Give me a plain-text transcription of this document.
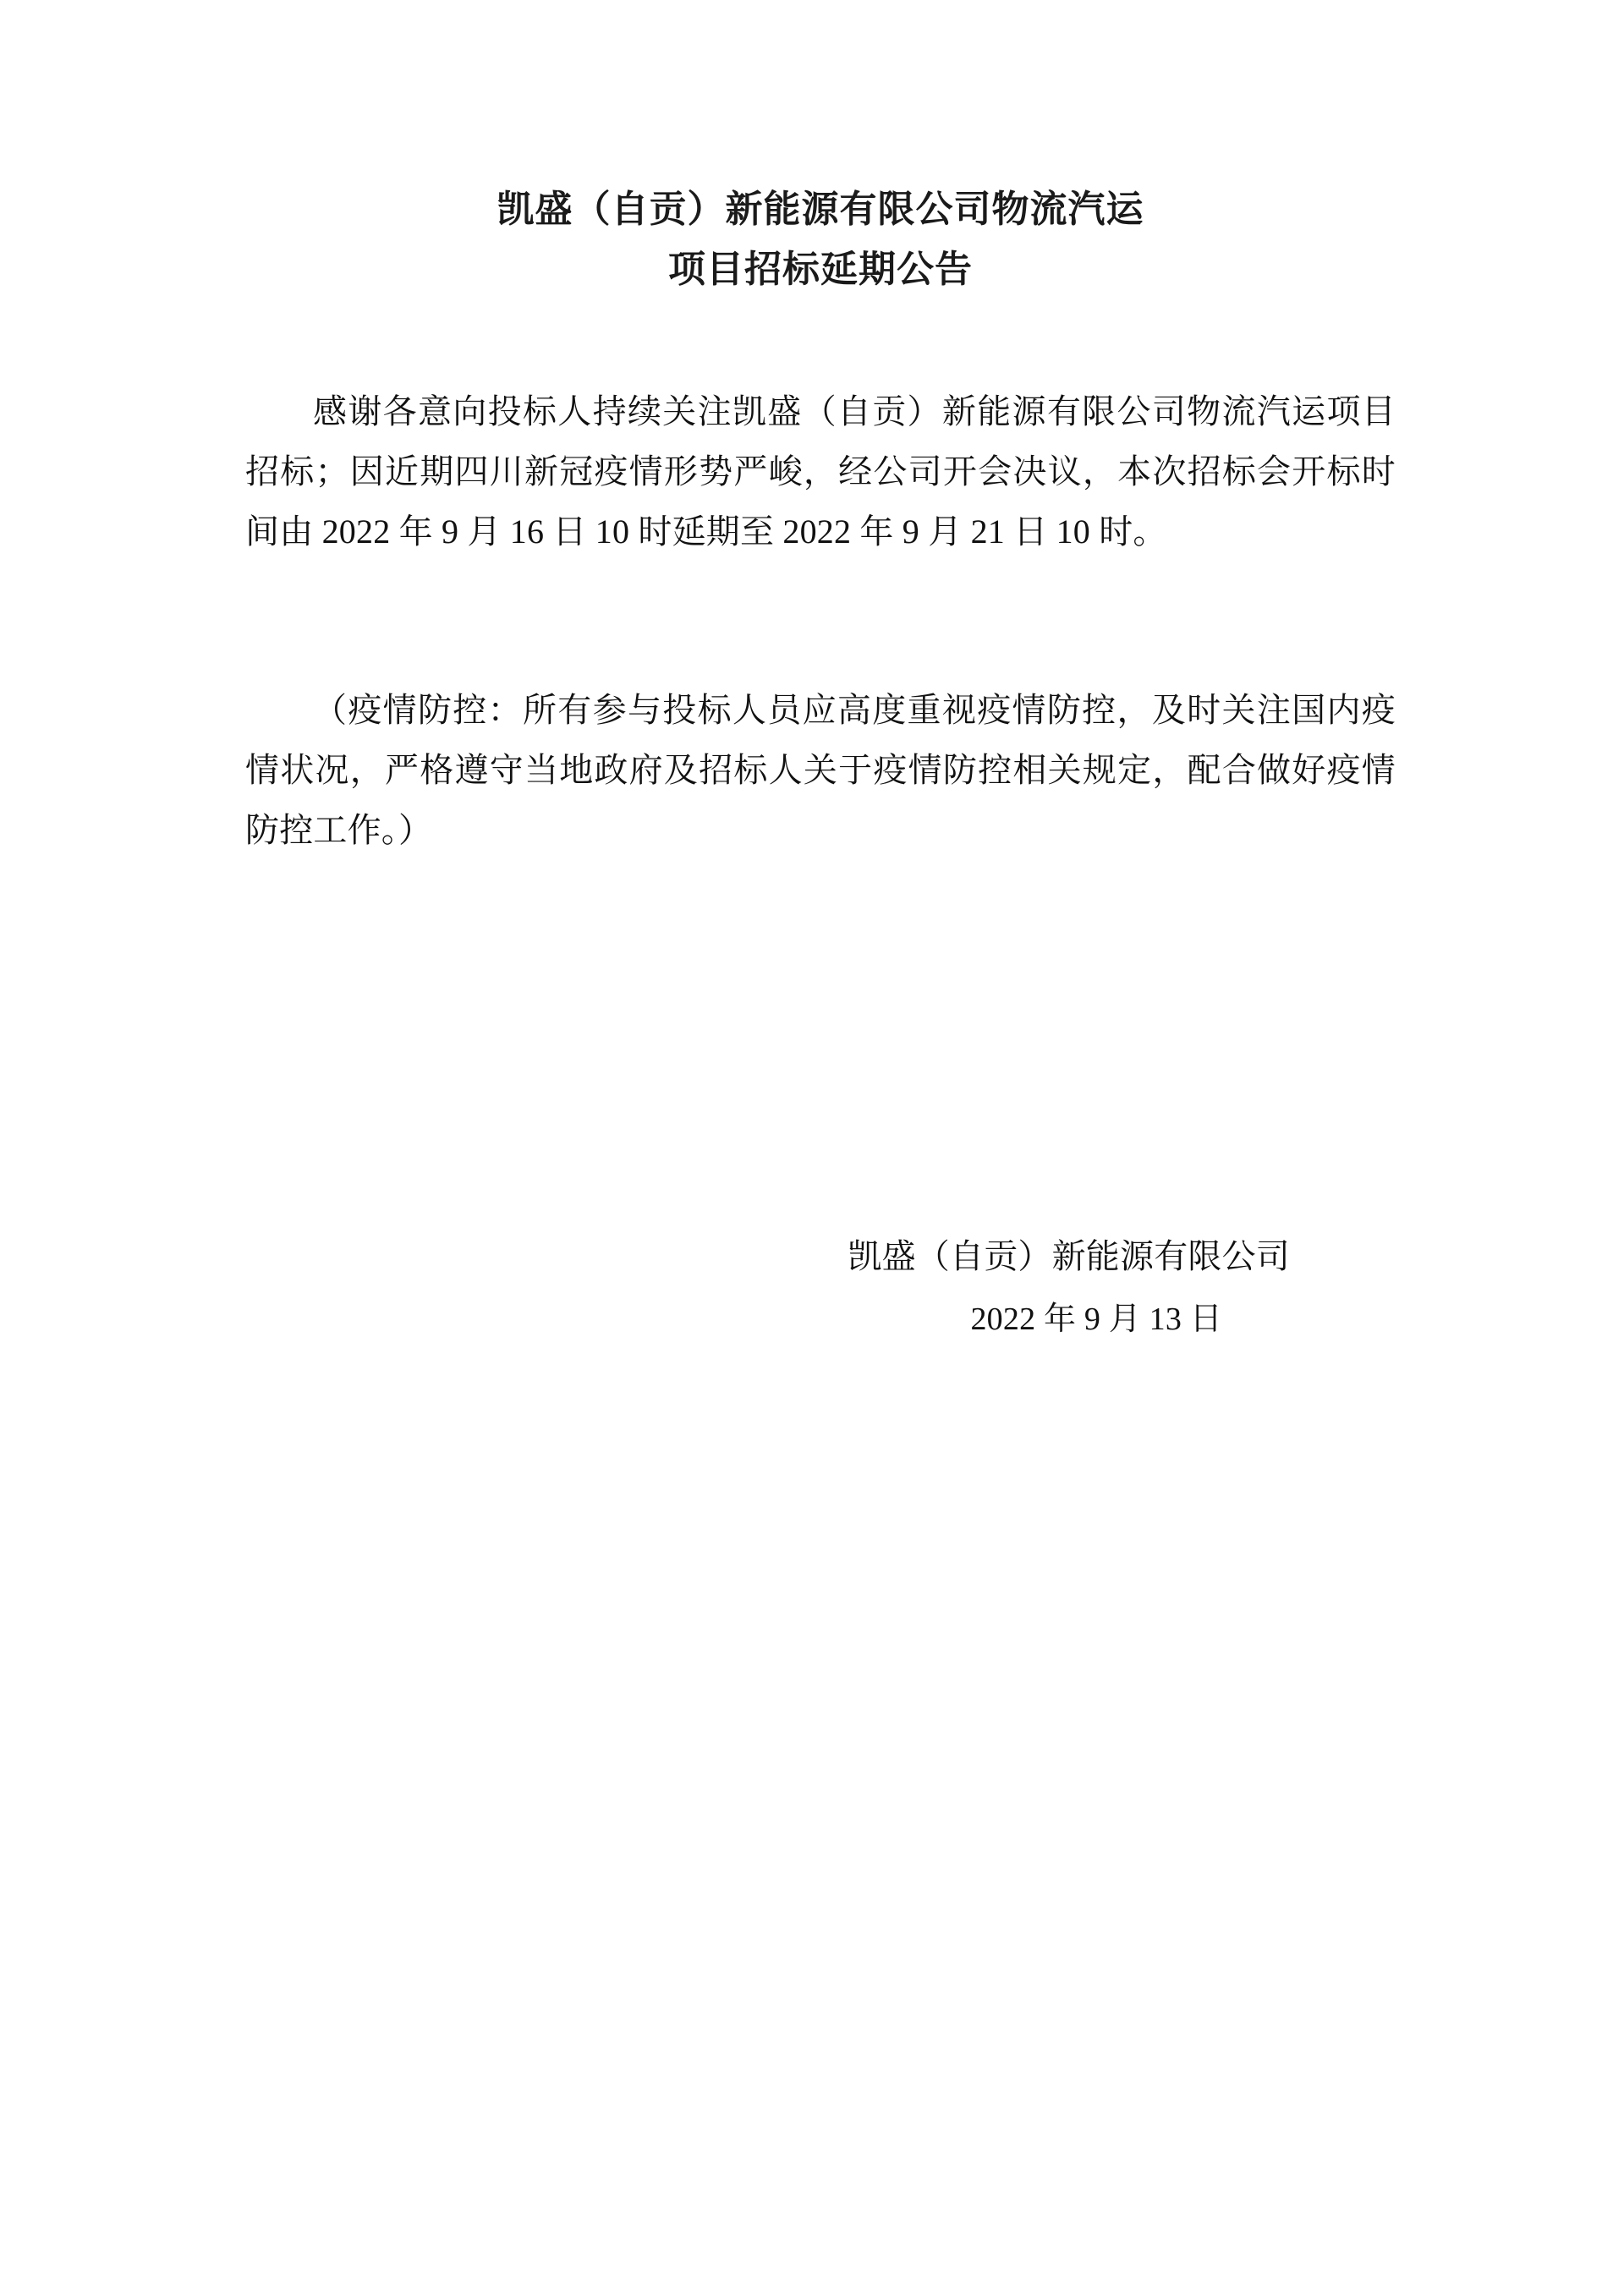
凯盛（自贡）新能源有限公司物流汽运
项目招标延期公告

感谢各意向投标人持续关注凯盛（自贡）新能源有限公司物流汽运项目招标；因近期四川新冠疫情形势严峻，经公司开会决议，本次招标会开标时间由 2022 年 9 月 16 日 10 时延期至 2022 年 9 月 21 日 10 时。

（疫情防控：所有参与投标人员应高度重视疫情防控，及时关注国内疫情状况，严格遵守当地政府及招标人关于疫情防控相关规定，配合做好疫情防控工作。）

凯盛（自贡）新能源有限公司
2022 年 9 月 13 日
